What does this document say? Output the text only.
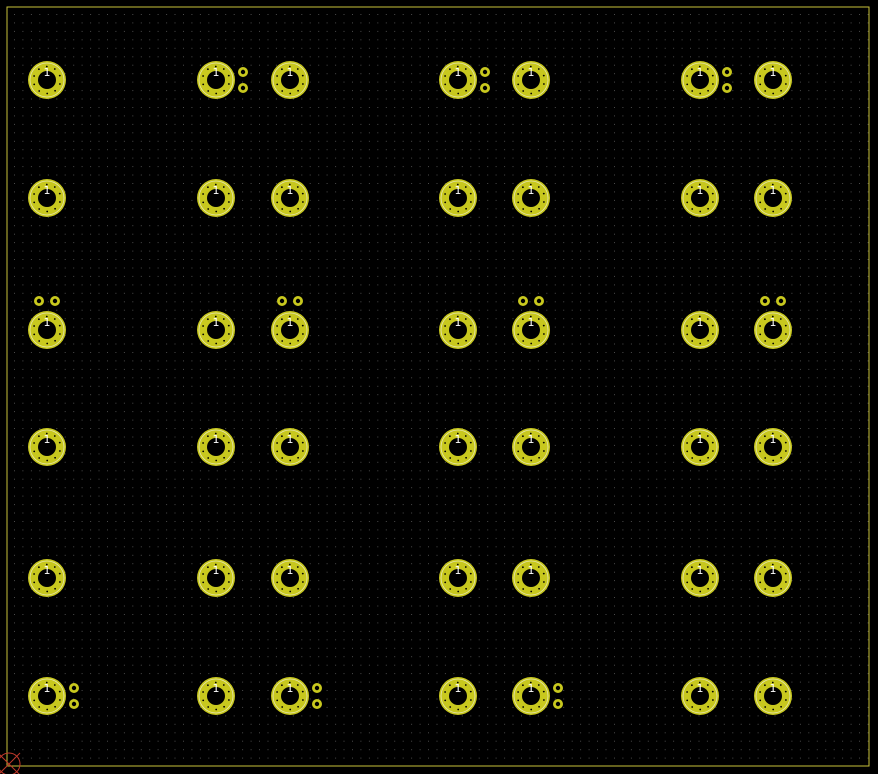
1	1	1	1	1	1	1
1	1	1	1	1	1	1
1	1	1	1	1	1	1
1	1	1	1	1	1	1
1	1	1	1	1	1	1
1	1	1	1	1	1	1
